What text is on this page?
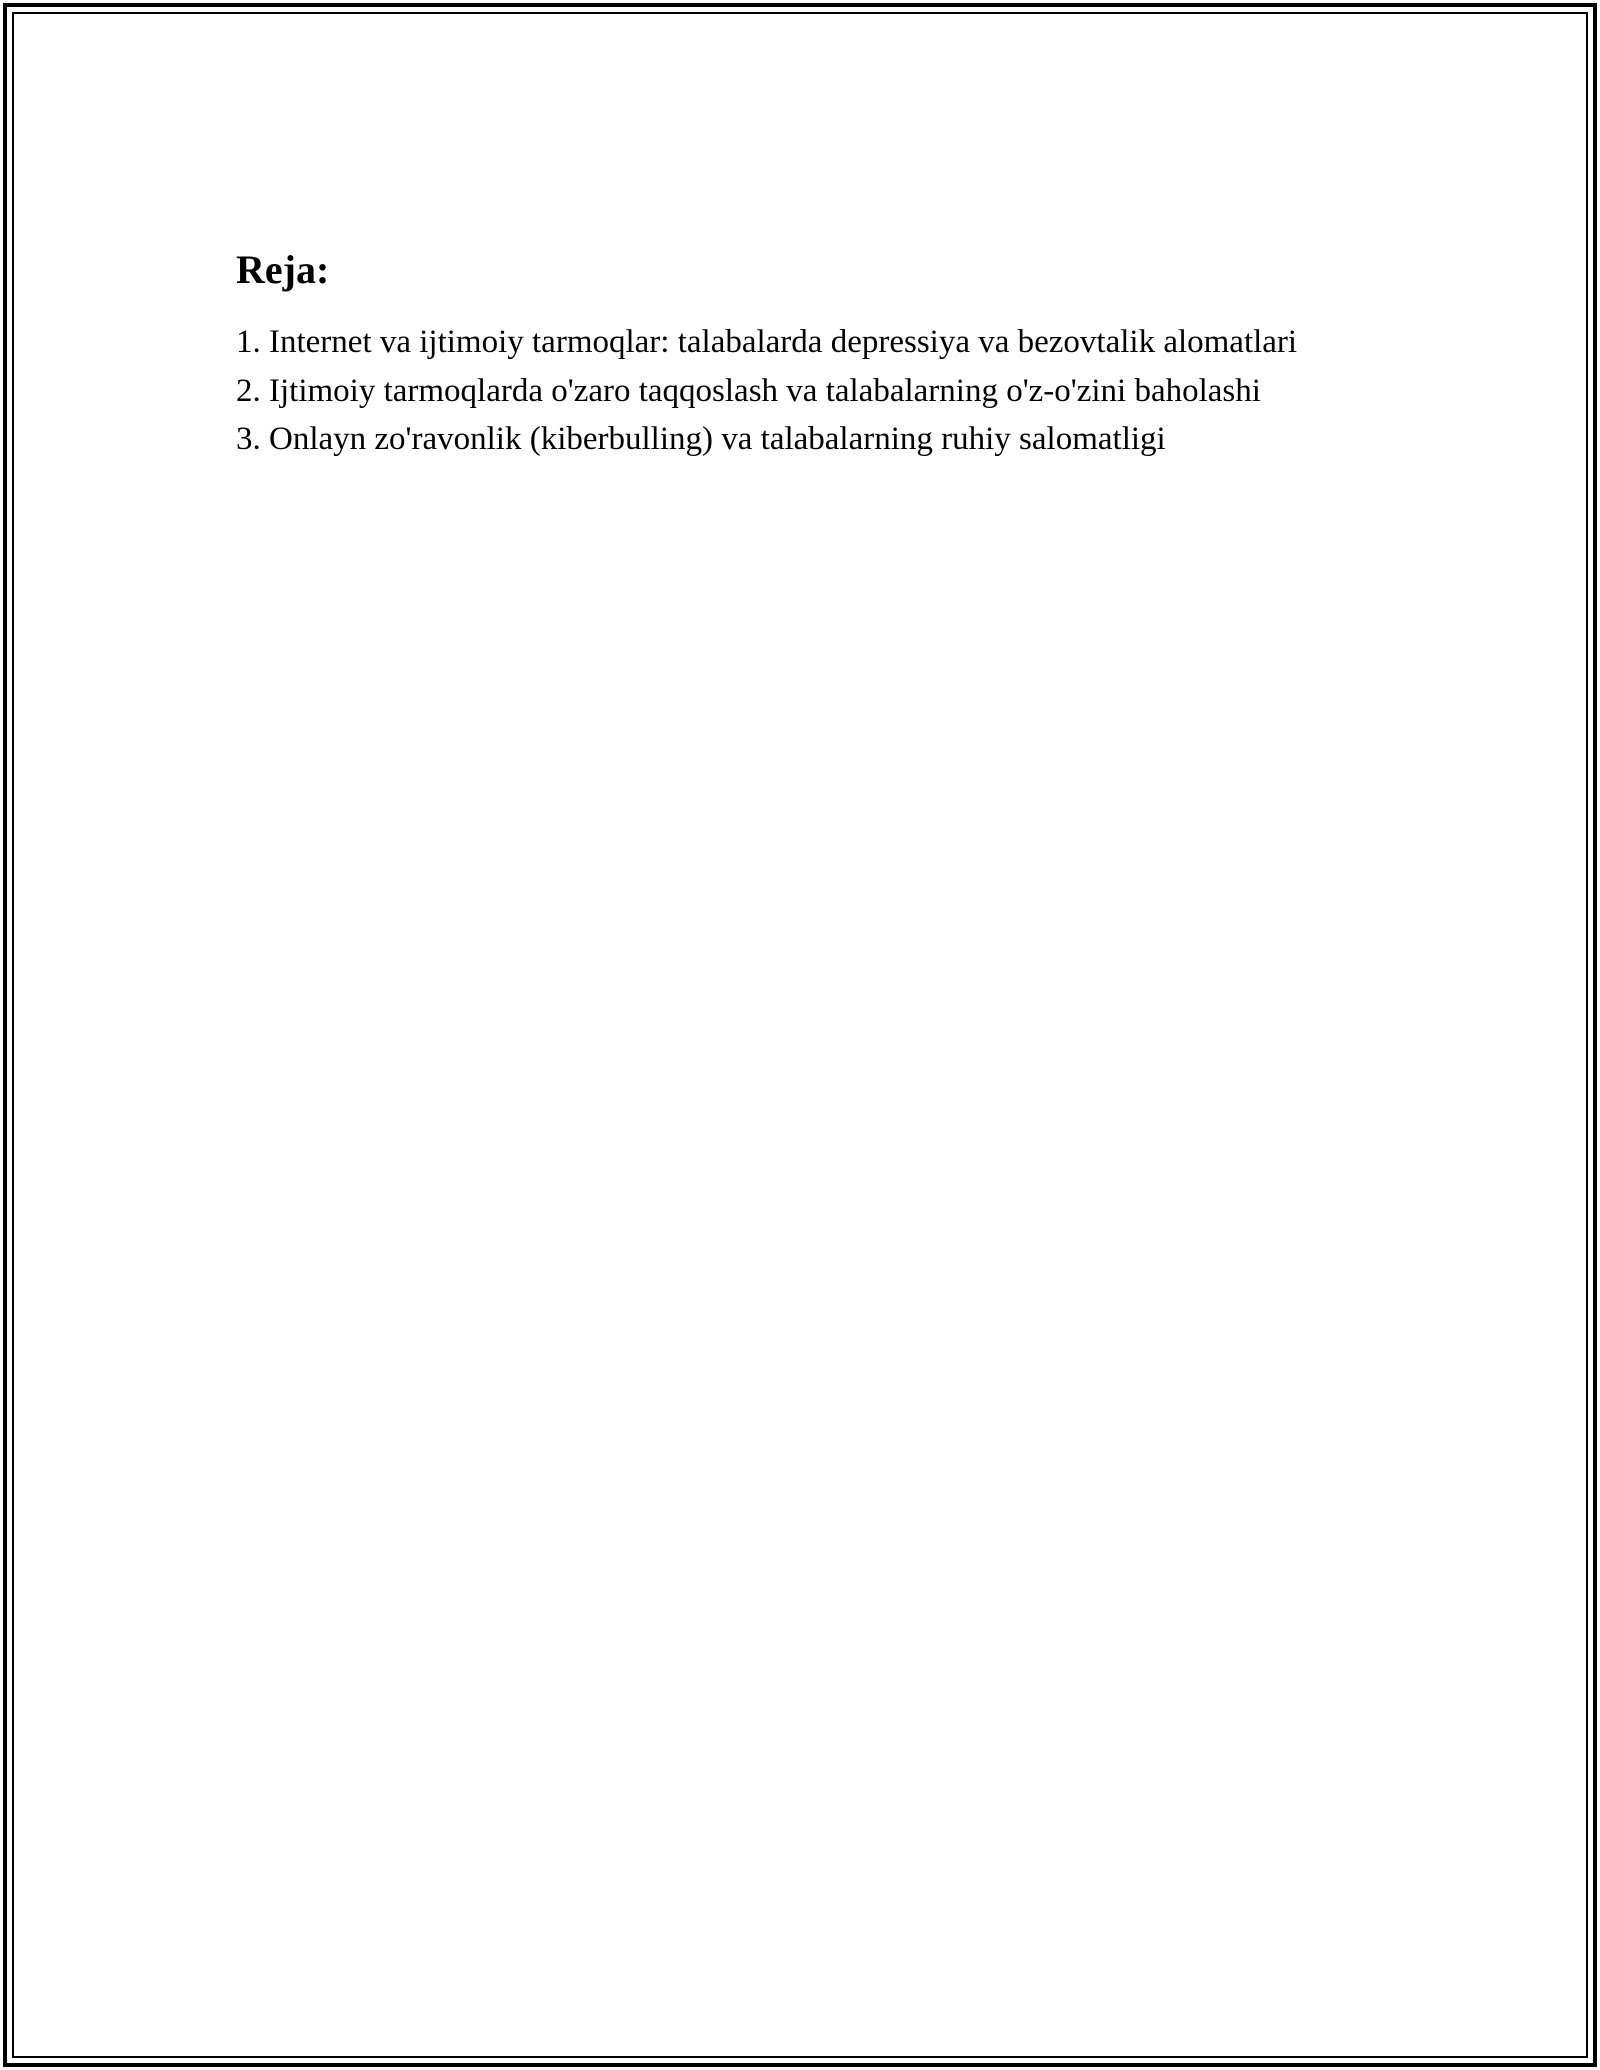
Reja:
1. Internet va ijtimoiy tarmoqlar: talabalarda depressiya va bezovtalik alomatlari
2. Ijtimoiy tarmoqlarda o'zaro taqqoslash va talabalarning o'z-o'zini baholashi
3. Onlayn zo'ravonlik (kiberbulling) va talabalarning ruhiy salomatligi
